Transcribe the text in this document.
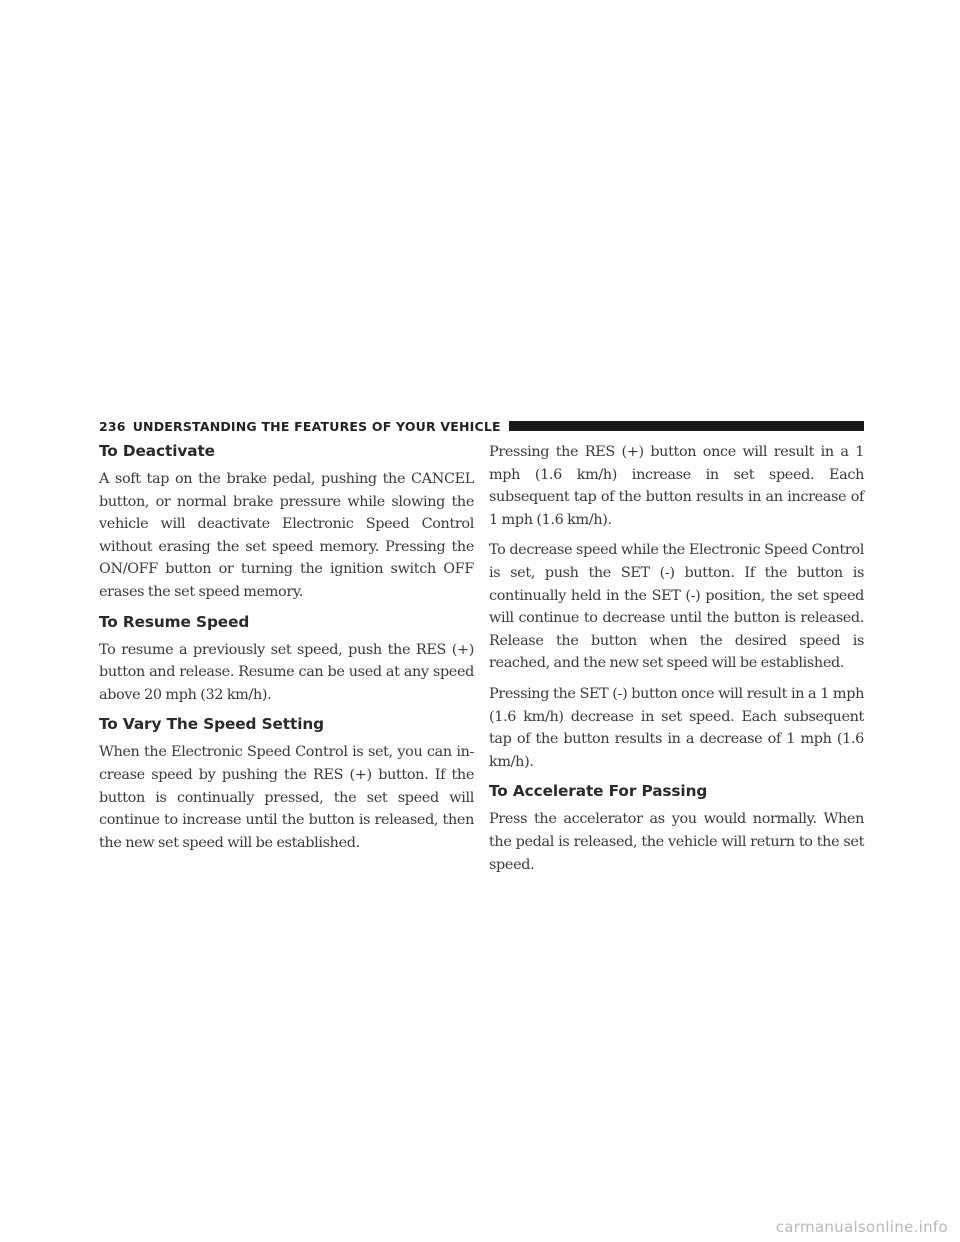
236 UNDERSTANDING THE FEATURES OF YOUR VEHICLE
To Deactivate

A soft tap on the brake pedal, pushing the CANCEL button, or normal brake pressure while slowing the vehicle will deactivate Electronic Speed Control without erasing the set speed memory. Pressing the ON/OFF button or turning the ignition switch OFF erases the set speed memory.

To Resume Speed

To resume a previously set speed, push the RES (+) button and release. Resume can be used at any speed above 20 mph (32 km/h).

To Vary The Speed Setting

When the Electronic Speed Control is set, you can in- crease speed by pushing the RES (+) button. If the button is continually pressed, the set speed will continue to increase until the button is released, then the new set speed will be established.

Pressing the RES (+) button once will result in a 1 mph (1.6 km/h) increase in set speed. Each subsequent tap of the button results in an increase of 1 mph (1.6 km/h).

To decrease speed while the Electronic Speed Control is set, push the SET (-) button. If the button is continually held in the SET (-) position, the set speed will continue to decrease until the button is released. Release the button when the desired speed is reached, and the new set speed will be established.

Pressing the SET (-) button once will result in a 1 mph (1.6 km/h) decrease in set speed. Each subsequent tap of the button results in a decrease of 1 mph (1.6 km/h).

To Accelerate For Passing

Press the accelerator as you would normally. When the pedal is released, the vehicle will return to the set speed.

carmanualsonline.info
